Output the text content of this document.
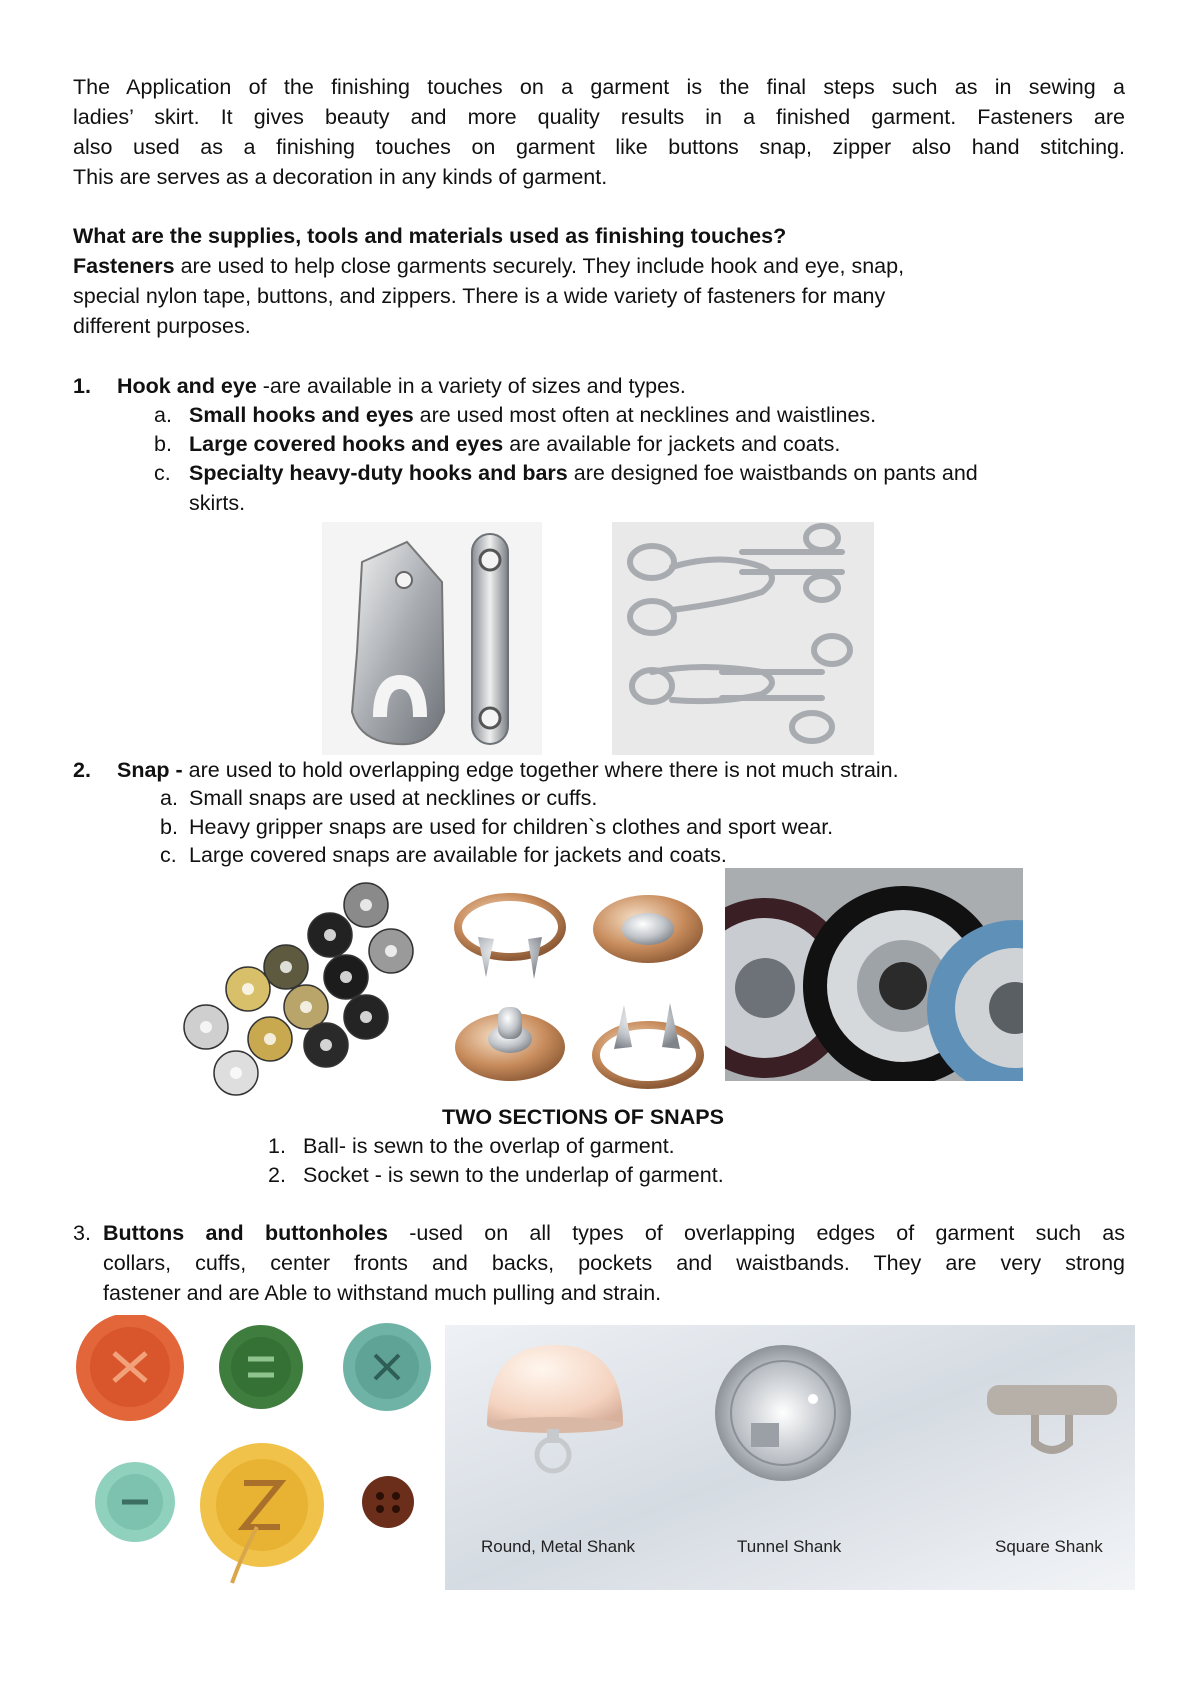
The Application of the finishing touches on a garment is the final steps such as in sewing a
ladies’ skirt. It gives beauty and more quality results in a finished garment. Fasteners are
also used as a finishing touches on garment like buttons snap, zipper also hand stitching.
This are serves as a decoration in any kinds of garment.
What are the supplies, tools and materials used as finishing touches?
Fasteners are used to help close garments securely. They include hook and eye, snap,
special nylon tape, buttons, and zippers. There is a wide variety of fasteners for many
different purposes.
1. Hook and eye -are available in a variety of sizes and types.
a. Small hooks and eyes are used most often at necklines and waistlines.
b. Large covered hooks and eyes are available for jackets and coats.
c. Specialty heavy-duty hooks and bars are designed foe waistbands on pants and
skirts.
2. Snap - are used to hold overlapping edge together where there is not much strain.
a. Small snaps are used at necklines or cuffs.
b. Heavy gripper snaps are used for children`s clothes and sport wear.
c. Large covered snaps are available for jackets and coats.
TWO SECTIONS OF SNAPS
1. Ball- is sewn to the overlap of garment.
2. Socket - is sewn to the underlap of garment.
3. Buttons and buttonholes -used on all types of overlapping edges of garment such as
collars, cuffs, center fronts and backs, pockets and waistbands. They are very strong
fastener and are Able to withstand much pulling and strain.
Round, Metal Shank	Tunnel Shank	Square Shank
